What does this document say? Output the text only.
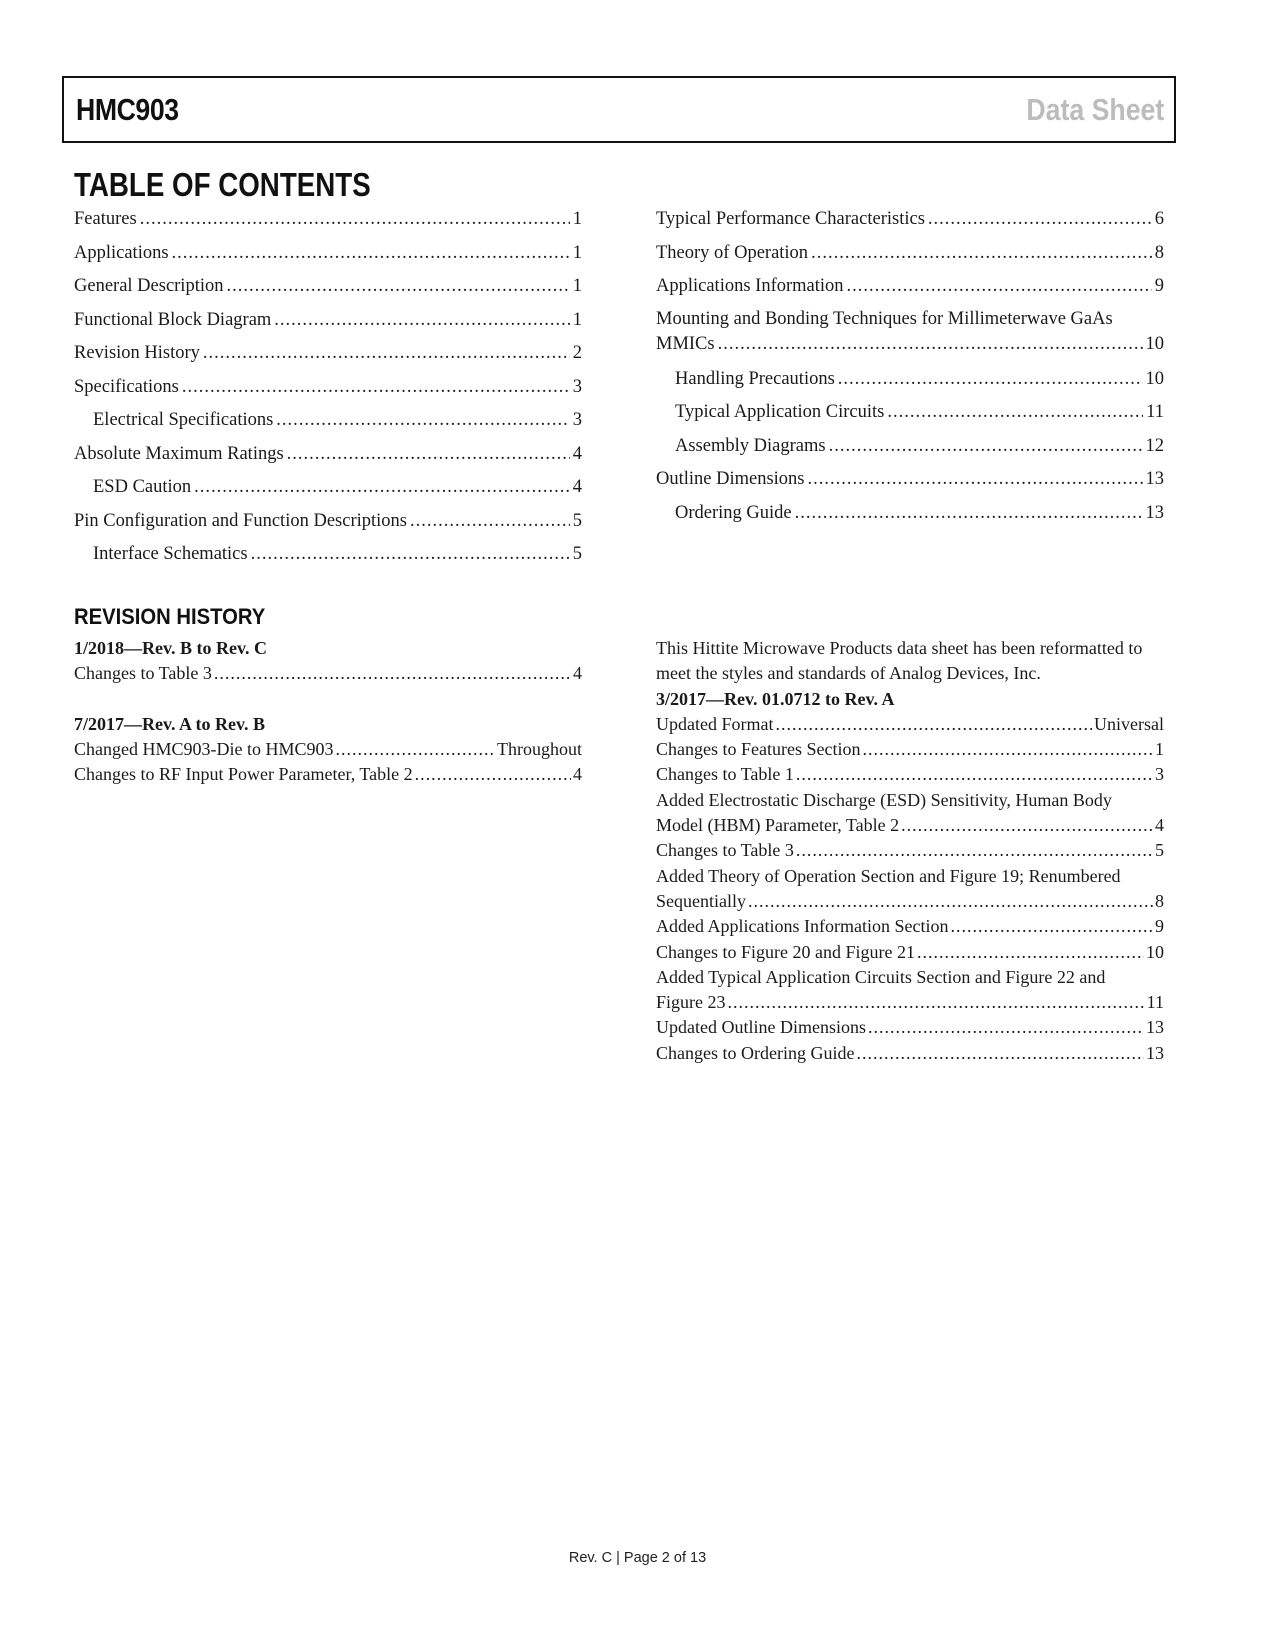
HMC903	Data Sheet
TABLE OF CONTENTS
Features .....	1
Applications .....	1
General Description .....	1
Functional Block Diagram .....	1
Revision History .....	2
Specifications .....	3
Electrical Specifications .....	3
Absolute Maximum Ratings .....	4
ESD Caution .....	4
Pin Configuration and Function Descriptions .....	5
Interface Schematics .....	5
Typical Performance Characteristics .....	6
Theory of Operation .....	8
Applications Information .....	9
Mounting and Bonding Techniques for Millimeterwave GaAs
MMICs .....	10
Handling Precautions .....	10
Typical Application Circuits .....	11
Assembly Diagrams .....	12
Outline Dimensions .....	13
Ordering Guide .....	13
REVISION HISTORY
1/2018—Rev. B to Rev. C
Changes to Table 3 .....	4
7/2017—Rev. A to Rev. B
Changed HMC903-Die to HMC903 .....	Throughout
Changes to RF Input Power Parameter, Table 2 .....	4
This Hittite Microwave Products data sheet has been reformatted to
meet the styles and standards of Analog Devices, Inc.
3/2017—Rev. 01.0712 to Rev. A
Updated Format .....	Universal
Changes to Features Section .....	1
Changes to Table 1 .....	3
Added Electrostatic Discharge (ESD) Sensitivity, Human Body
Model (HBM) Parameter, Table 2 .....	4
Changes to Table 3 .....	5
Added Theory of Operation Section and Figure 19; Renumbered
Sequentially .....	8
Added Applications Information Section .....	9
Changes to Figure 20 and Figure 21 .....	10
Added Typical Application Circuits Section and Figure 22 and
Figure 23 .....	11
Updated Outline Dimensions .....	13
Changes to Ordering Guide .....	13
Rev. C | Page 2 of 13
